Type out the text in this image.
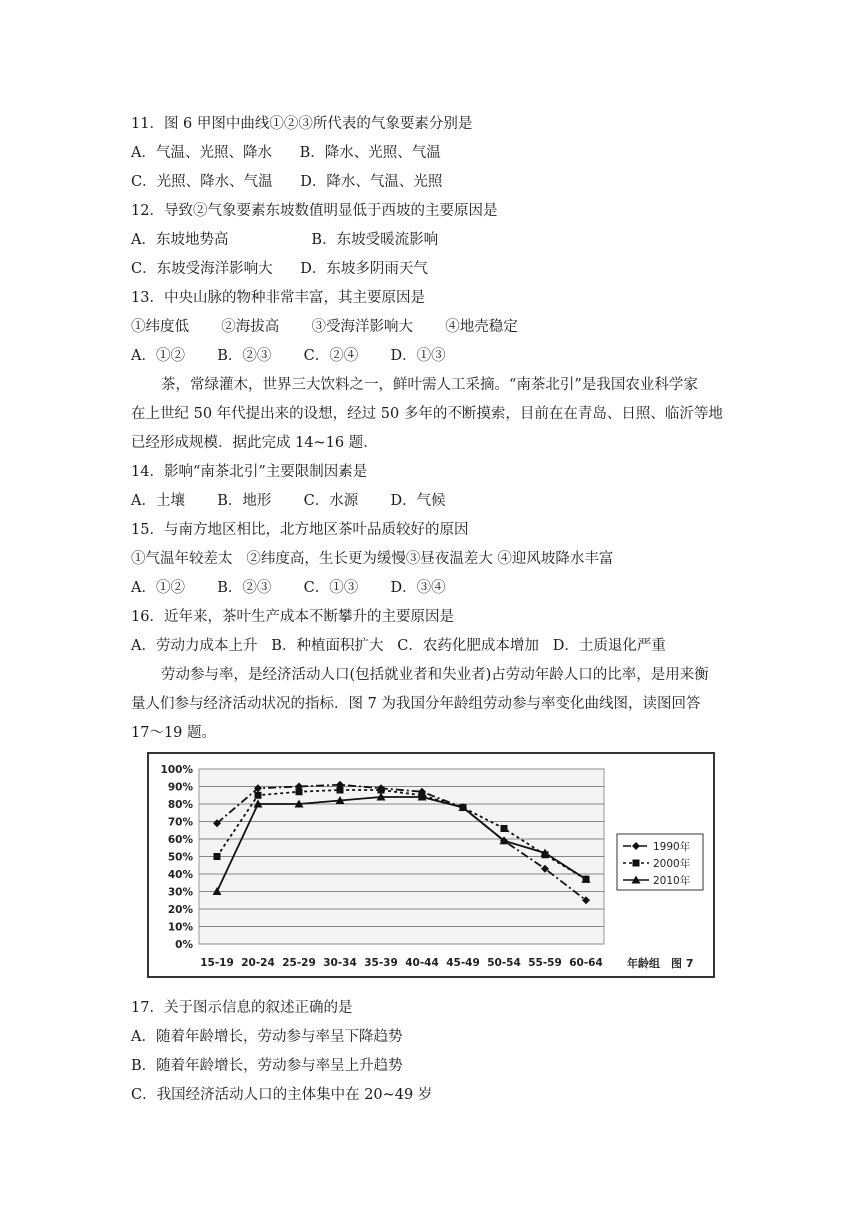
11．图 6 甲图中曲线①②③所代表的气象要素分别是
A．气温、光照、降水      B．降水、光照、气温
C．光照、降水、气温      D．降水、气温、光照
12．导致②气象要素东坡数值明显低于西坡的主要原因是
A．东坡地势高                  B．东坡受暖流影响
C．东坡受海洋影响大      D．东坡多阴雨天气
13．中央山脉的物种非常丰富，其主要原因是
①纬度低       ②海拔高       ③受海洋影响大       ④地壳稳定
A．①②       B．②③       C．②④       D．①③
茶，常绿灌木，世界三大饮料之一，鲜叶需人工采摘。“南茶北引”是我国农业科学家
在上世纪 50 年代提出来的设想，经过 50 多年的不断摸索，目前在在青岛、日照、临沂等地
已经形成规模．据此完成 14~16 题．
14．影响“南茶北引”主要限制因素是
A．土壤       B．地形       C．水源       D．气候
15．与南方地区相比，北方地区茶叶品质较好的原因
①气温年较差太   ②纬度高，生长更为缓慢③昼夜温差大 ④迎风坡降水丰富
A．①②       B．②③       C．①③       D．③④
16．近年来，茶叶生产成本不断攀升的主要原因是
A．劳动力成本上升   B．种植面积扩大   C．农药化肥成本增加   D．土质退化严重
劳动参与率，是经济活动人口(包括就业者和失业者)占劳动年龄人口的比率，是用来衡
量人们参与经济活动状况的指标．图 7 为我国分年龄组劳动参与率变化曲线图，读图回答
17～19 题。
0%
10%
20%
30%
40%
50%
60%
70%
80%
90%
100%
15-19 20-24 25-29 30-34 35-39 40-44 45-49 50-54 55-59 60-64 年龄组 图 7
1990年
2000年
2010年
17．关于图示信息的叙述正确的是
A．随着年龄增长，劳动参与率呈下降趋势
B．随着年龄增长，劳动参与率呈上升趋势
C．我国经济活动人口的主体集中在 20~49 岁
